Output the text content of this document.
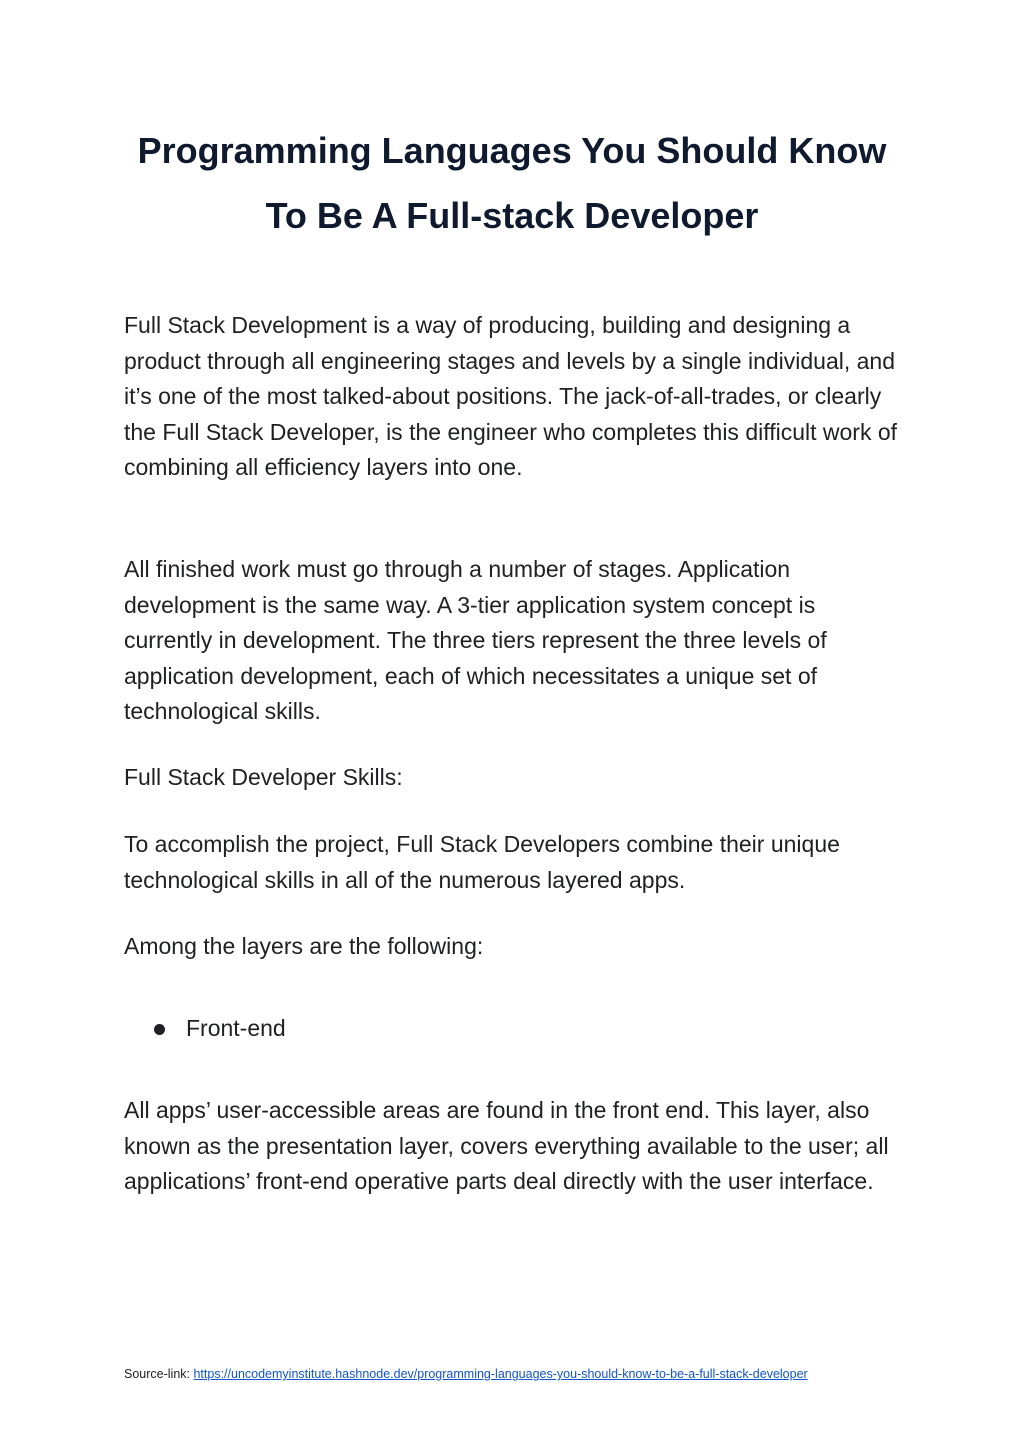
Programming Languages You Should Know
To Be A Full-stack Developer

Full Stack Development is a way of producing, building and designing a product through all engineering stages and levels by a single individual, and it’s one of the most talked-about positions. The jack-of-all-trades, or clearly the Full Stack Developer, is the engineer who completes this difficult work of combining all efficiency layers into one.

All finished work must go through a number of stages. Application development is the same way. A 3-tier application system concept is currently in development. The three tiers represent the three levels of application development, each of which necessitates a unique set of technological skills.

Full Stack Developer Skills:

To accomplish the project, Full Stack Developers combine their unique technological skills in all of the numerous layered apps.

Among the layers are the following:

Front-end

All apps’ user-accessible areas are found in the front end. This layer, also known as the presentation layer, covers everything available to the user; all applications’ front-end operative parts deal directly with the user interface.

Source-link: https://uncodemyinstitute.hashnode.dev/programming-languages-you-should-know-to-be-a-full-stack-developer
